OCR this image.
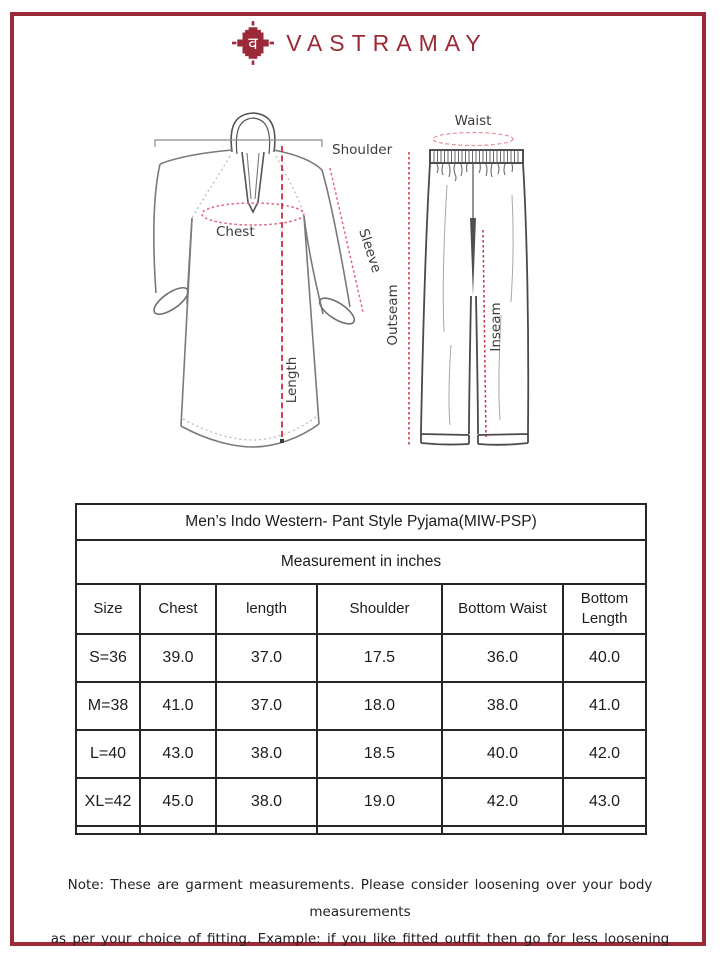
व VASTRAMAY
Shoulder
Chest	Sleeve
Length
Waist
Outseam	Inseam
Men’s Indo Western- Pant Style Pyjama(MIW-PSP)					
Measurement in inches					
Size	Chest	length	Shoulder	Bottom Waist	Bottom Length
S=36	39.0	37.0	17.5	36.0	40.0
M=38	41.0	37.0	18.0	38.0	41.0
L=40	43.0	38.0	18.5	40.0	42.0
XL=42	45.0	38.0	19.0	42.0	43.0

Note: These are garment measurements. Please consider loosening over your body measurements
as per your choice of fitting. Example: if you like fitted outfit then go for less loosening
